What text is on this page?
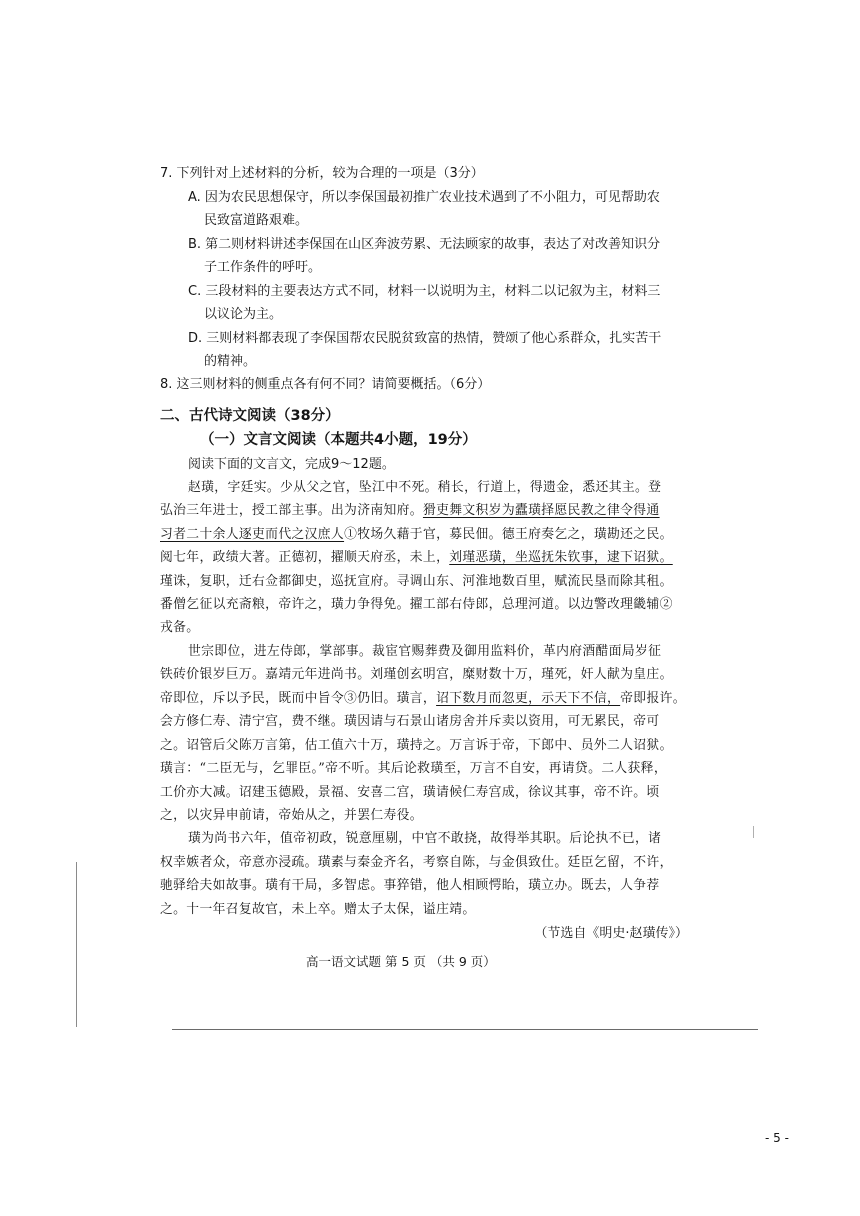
7. 下列针对上述材料的分析，较为合理的一项是（3分）
A. 因为农民思想保守，所以李保国最初推广农业技术遇到了不小阻力，可见帮助农
民致富道路艰难。
B. 第二则材料讲述李保国在山区奔波劳累、无法顾家的故事，表达了对改善知识分
子工作条件的呼吁。
C. 三段材料的主要表达方式不同，材料一以说明为主，材料二以记叙为主，材料三
以议论为主。
D. 三则材料都表现了李保国帮农民脱贫致富的热情，赞颂了他心系群众，扎实苦干
的精神。
8. 这三则材料的侧重点各有何不同？请简要概括。（6分）
二、古代诗文阅读（38分）
（一）文言文阅读（本题共4小题，19分）
阅读下面的文言文，完成9～12题。
赵璜，字廷实。少从父之官，坠江中不死。稍长，行道上，得遗金，悉还其主。登
弘治三年进士，授工部主事。出为济南知府。猾吏舞文积岁为蠹璜择愿民教之律令得通
习者二十余人逐吏而代之汉庶人①牧场久藉于官，募民佃。德王府奏乞之，璜勘还之民。
阅七年，政绩大著。正德初，擢顺天府丞，未上，刘瑾恶璜，坐巡抚朱钦事，逮下诏狱。
瑾诛，复职，迁右佥都御史，巡抚宣府。寻调山东、河淮地数百里，赋流民垦而除其租。
番僧乞征以充斋粮，帝许之，璜力争得免。擢工部右侍郎，总理河道。以边警改理畿辅②
戎备。
世宗即位，进左侍郎，掌部事。裁宦官赐葬费及御用监料价，革内府酒醋面局岁征
铁砖价银岁巨万。嘉靖元年进尚书。刘瑾创玄明宫，糜财数十万，瑾死，奸人献为皇庄。
帝即位，斥以予民，既而中旨令③仍旧。璜言，诏下数月而忽更，示天下不信，帝即报许。
会方修仁寿、清宁宫，费不继。璜因请与石景山诸房舍并斥卖以资用，可无累民，帝可
之。诏管后父陈万言第，估工值六十万，璜持之。万言诉于帝，下郎中、员外二人诏狱。
璜言：“二臣无与，乞罪臣。”帝不听。其后论救璜至，万言不自安，再请贷。二人获释，
工价亦大减。诏建玉德殿，景福、安喜二宫，璜请候仁寿宫成，徐议其事，帝不许。顷
之，以灾异申前请，帝始从之，并罢仁寿役。
璜为尚书六年，值帝初政，锐意厘剔，中官不敢挠，故得举其职。后论执不已，诸
权幸嫉者众，帝意亦浸疏。璜素与秦金齐名，考察自陈，与金俱致仕。廷臣乞留，不许，
驰驿给夫如故事。璜有干局，多智虑。事猝错，他人相顾愕眙，璜立办。既去，人争荐
之。十一年召复故官，未上卒。赠太子太保，谥庄靖。
（节选自《明史·赵璜传》）
高一语文试题 第 5 页 （共 9 页）
- 5 -
